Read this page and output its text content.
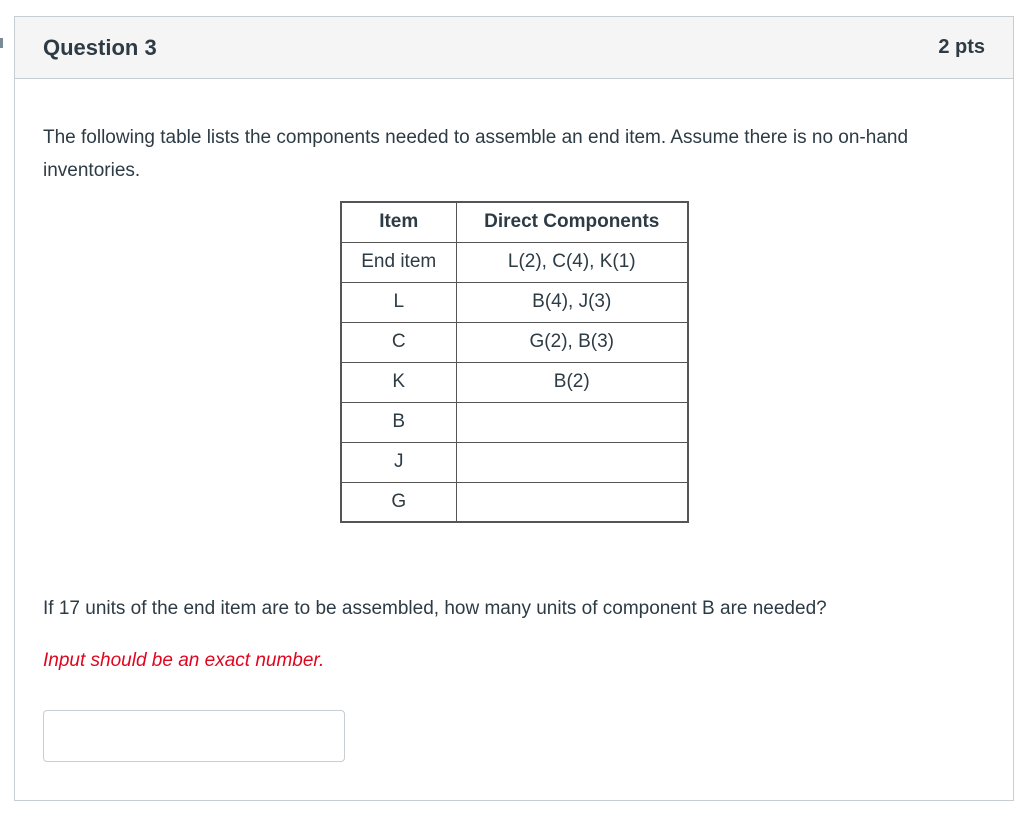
Question 3	2 pts
The following table lists the components needed to assemble an end item. Assume there is no on-hand inventories.
Item	Direct Components
End item	L(2), C(4), K(1)
L	B(4), J(3)
C	G(2), B(3)
K	B(2)
B	
J	
G	
If 17 units of the end item are to be assembled, how many units of component B are needed?
Input should be an exact number.
